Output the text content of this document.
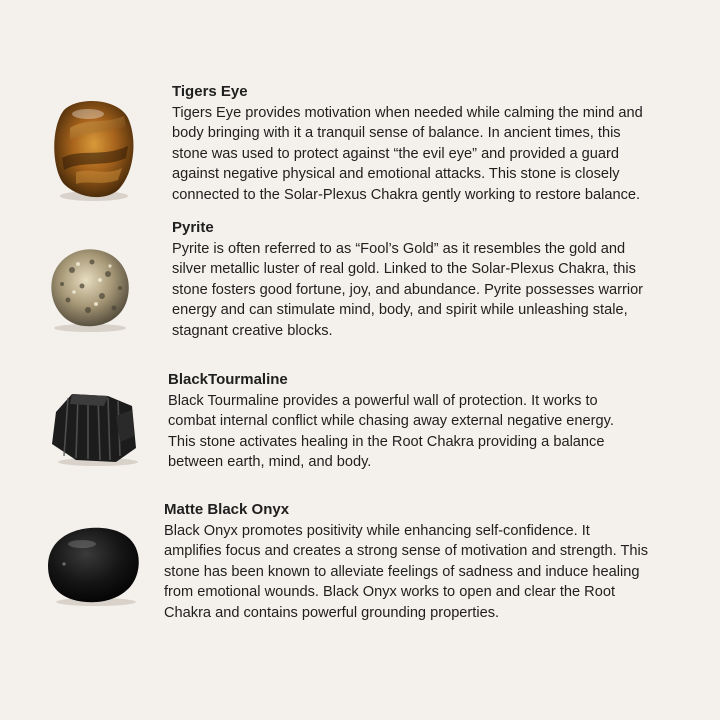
Tigers Eye

Tigers Eye provides motivation when needed while calming the mind and
body bringing with it a tranquil sense of balance. In ancient times, this
stone was used to protect against “the evil eye” and provided a guard
against negative physical and emotional attacks. This stone is closely
connected to the Solar-Plexus Chakra gently working to restore balance.

Pyrite

Pyrite is often referred to as “Fool’s Gold” as it resembles the gold and
silver metallic luster of real gold. Linked to the Solar-Plexus Chakra, this
stone fosters good fortune, joy, and abundance. Pyrite possesses warrior
energy and can stimulate mind, body, and spirit while unleashing stale,
stagnant creative blocks.

BlackTourmaline

Black Tourmaline provides a powerful wall of protection. It works to
combat internal conflict while chasing away external negative energy.
This stone activates healing in the Root Chakra providing a balance
between earth, mind, and body.

Matte Black Onyx

Black Onyx promotes positivity while enhancing self-confidence. It
amplifies focus and creates a strong sense of motivation and strength. This
stone has been known to alleviate feelings of sadness and induce healing
from emotional wounds. Black Onyx works to open and clear the Root
Chakra and contains powerful grounding properties.
